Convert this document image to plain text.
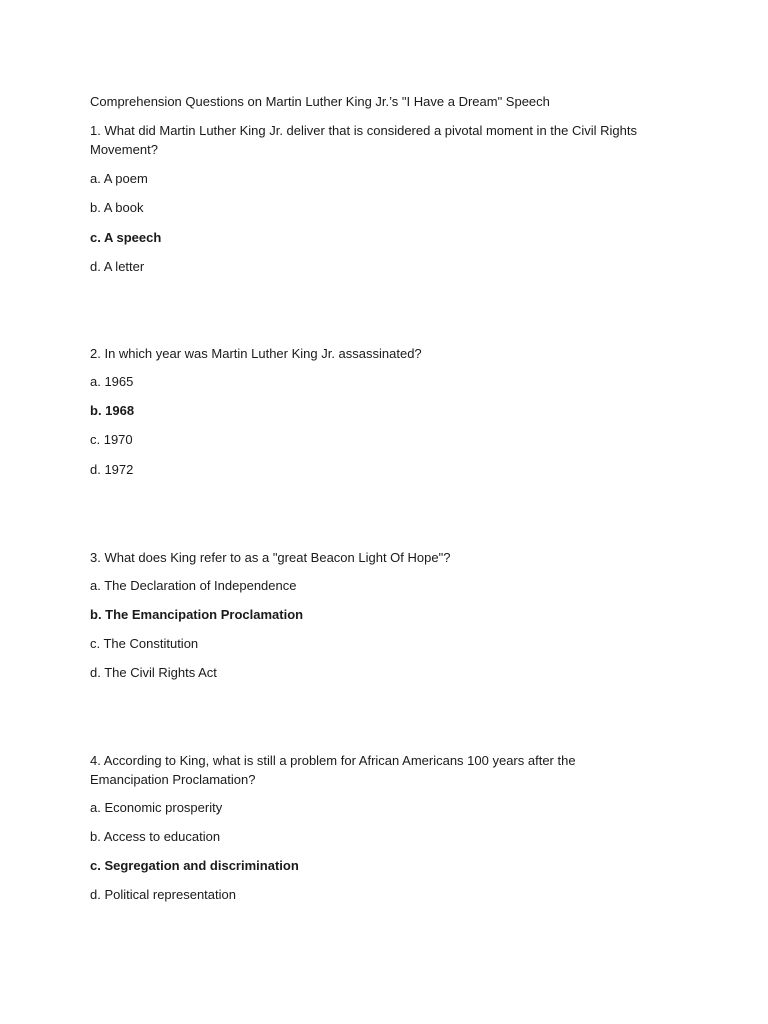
Comprehension Questions on Martin Luther King Jr.’s "I Have a Dream" Speech

1. What did Martin Luther King Jr. deliver that is considered a pivotal moment in the Civil Rights Movement?

a. A poem

b. A book

c. A speech

d. A letter

2. In which year was Martin Luther King Jr. assassinated?

a. 1965

b. 1968

c. 1970

d. 1972

3. What does King refer to as a "great Beacon Light Of Hope"?

a. The Declaration of Independence

b. The Emancipation Proclamation

c. The Constitution

d. The Civil Rights Act

4. According to King, what is still a problem for African Americans 100 years after the Emancipation Proclamation?

a. Economic prosperity

b. Access to education

c. Segregation and discrimination

d. Political representation
